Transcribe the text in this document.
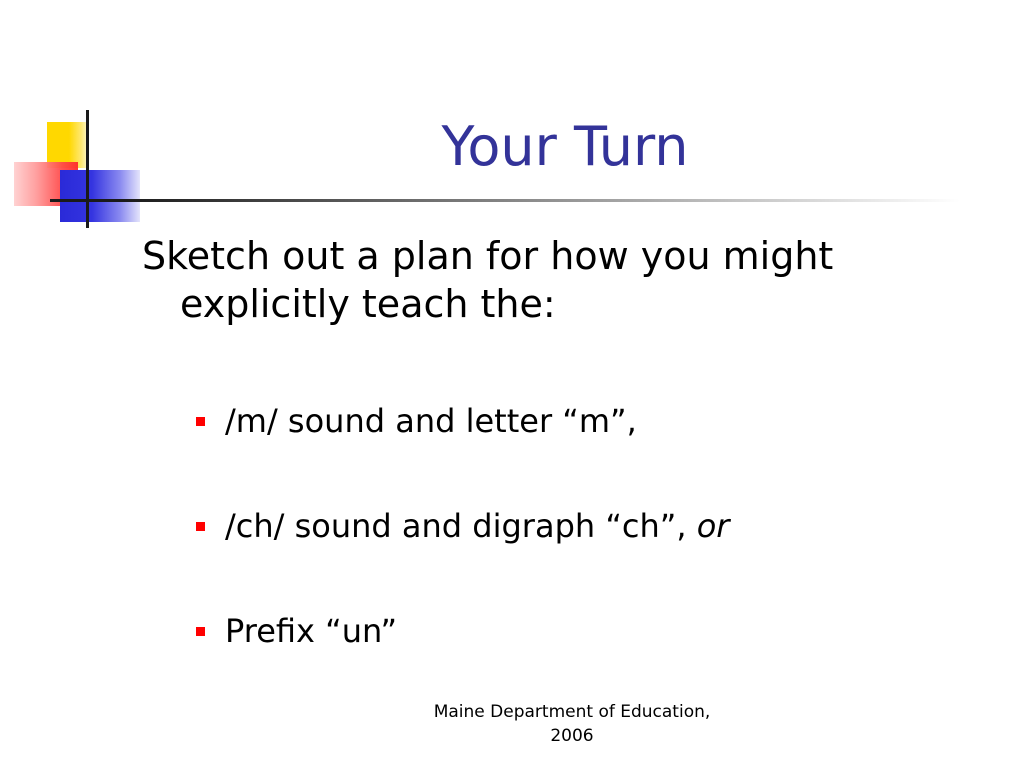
Your Turn
Sketch out a plan for how you might explicitly teach the:
/m/ sound and letter “m”,
/ch/ sound and digraph “ch”, or
Prefix “un”
Maine Department of Education,
2006
